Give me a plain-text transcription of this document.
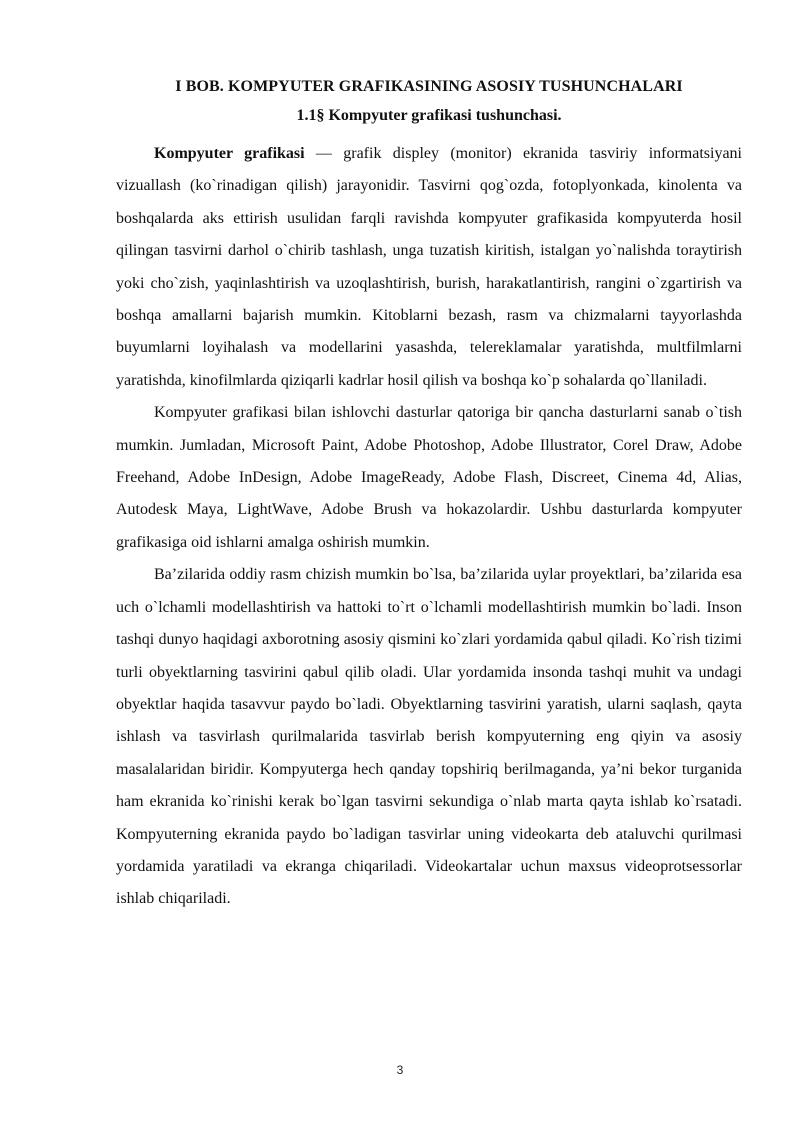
I BOB. KOMPYUTER GRAFIKASINING ASOSIY TUSHUNCHALARI
1.1§ Kompyuter grafikasi tushunchasi.

Kompyuter grafikasi — grafik displey (monitor) ekranida tasviriy informatsiyani vizuallash (ko`rinadigan qilish) jarayonidir. Tasvirni qog`ozda, fotoplyonkada, kinolenta va boshqalarda aks ettirish usulidan farqli ravishda kompyuter grafikasida kompyuterda hosil qilingan tasvirni darhol o`chirib tashlash, unga tuzatish kiritish, istalgan yo`nalishda toraytirish yoki cho`zish, yaqinlashtirish va uzoqlashtirish, burish, harakatlantirish, rangini o`zgartirish va boshqa amallarni bajarish mumkin. Kitoblarni bezash, rasm va chizmalarni tayyorlashda buyumlarni loyihalash va modellarini yasashda, telereklamalar yaratishda, multfilmlarni yaratishda, kinofilmlarda qiziqarli kadrlar hosil qilish va boshqa ko`p sohalarda qo`llaniladi.

Kompyuter grafikasi bilan ishlovchi dasturlar qatoriga bir qancha dasturlarni sanab o`tish mumkin. Jumladan, Microsoft Paint, Adobe Photoshop, Adobe Illustrator, Corel Draw, Adobe Freehand, Adobe InDesign, Adobe ImageReady, Adobe Flash, Discreet, Cinema 4d, Alias, Autodesk Maya, LightWave, Adobe Brush va hokazolardir. Ushbu dasturlarda kompyuter grafikasiga oid ishlarni amalga oshirish mumkin.

Ba’zilarida oddiy rasm chizish mumkin bo`lsa, ba’zilarida uylar proyektlari, ba’zilarida esa uch o`lchamli modellashtirish va hattoki to`rt o`lchamli modellashtirish mumkin bo`ladi. Inson tashqi dunyo haqidagi axborotning asosiy qismini ko`zlari yordamida qabul qiladi. Ko`rish tizimi turli obyektlarning tasvirini qabul qilib oladi. Ular yordamida insonda tashqi muhit va undagi obyektlar haqida tasavvur paydo bo`ladi. Obyektlarning tasvirini yaratish, ularni saqlash, qayta ishlash va tasvirlash qurilmalarida tasvirlab berish kompyuterning eng qiyin va asosiy masalalaridan biridir. Kompyuterga hech qanday topshiriq berilmaganda, ya’ni bekor turganida ham ekranida ko`rinishi kerak bo`lgan tasvirni sekundiga o`nlab marta qayta ishlab ko`rsatadi. Kompyuterning ekranida paydo bo`ladigan tasvirlar uning videokarta deb ataluvchi qurilmasi yordamida yaratiladi va ekranga chiqariladi. Videokartalar uchun maxsus videoprotsessorlar ishlab chiqariladi.

3
